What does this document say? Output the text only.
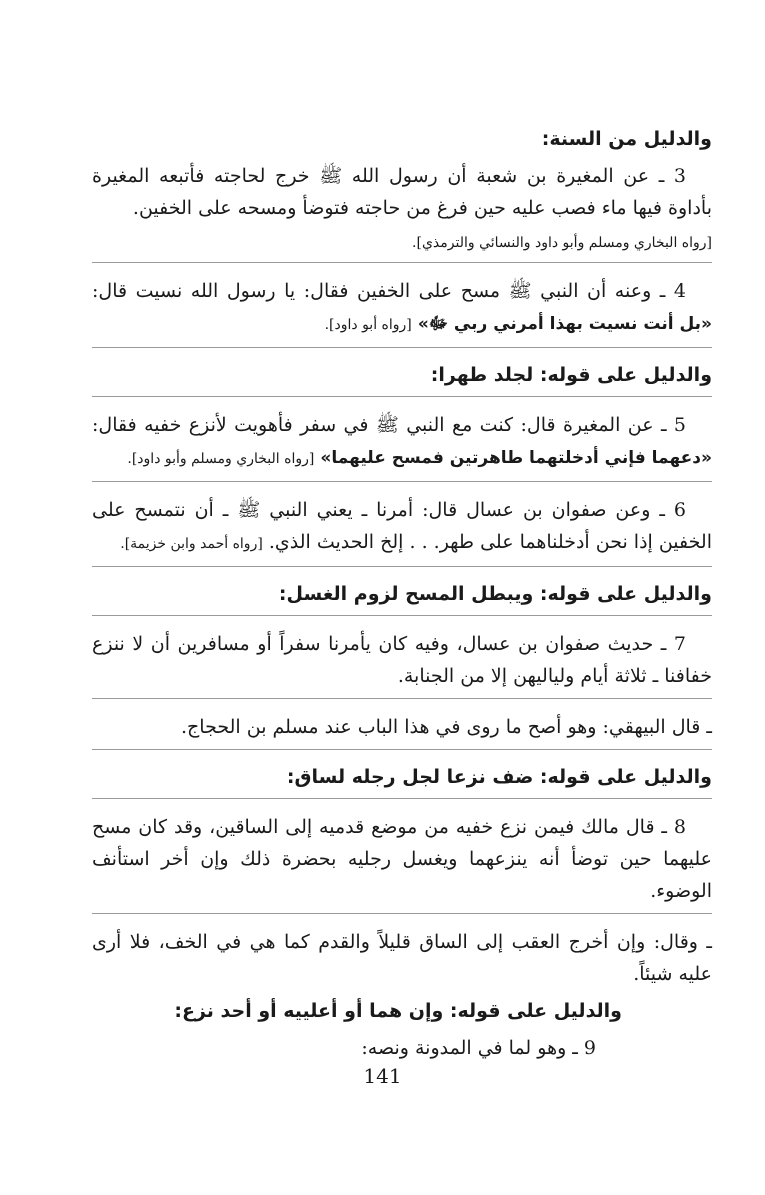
والدليل من السنة:

3 ـ عن المغيرة بن شعبة أن رسول الله ﷺ خرج لحاجته فأتبعه المغيرة بأداوة فيها ماء فصب عليه حين فرغ من حاجته فتوضأ ومسحه على الخفين.

[رواه البخاري ومسلم وأبو داود والنسائي والترمذي].

4 ـ وعنه أن النبي ﷺ مسح على الخفين فقال: يا رسول الله نسيت قال: «بل أنت نسيت بهذا أمرني ربي ﷻ» [رواه أبو داود].

والدليل على قوله: لجلد طهرا:

5 ـ عن المغيرة قال: كنت مع النبي ﷺ في سفر فأهويت لأنزع خفيه فقال: «دعهما فإني أدخلتهما طاهرتين فمسح عليهما» [رواه البخاري ومسلم وأبو داود].

6 ـ وعن صفوان بن عسال قال: أمرنا ـ يعني النبي ﷺ ـ أن نتمسح على الخفين إذا نحن أدخلناهما على طهر. . . إلخ الحديث الذي. [رواه أحمد وابن خزيمة].

والدليل على قوله: ويبطل المسح لزوم الغسل:

7 ـ حديث صفوان بن عسال، وفيه كان يأمرنا سفراً أو مسافرين أن لا ننزع خفافنا ـ ثلاثة أيام ولياليهن إلا من الجنابة.

ـ قال البيهقي: وهو أصح ما روى في هذا الباب عند مسلم بن الحجاج.

والدليل على قوله: ضف نزعا لجل رجله لساق:

8 ـ قال مالك فيمن نزع خفيه من موضع قدميه إلى الساقين، وقد كان مسح عليهما حين توضأ أنه ينزعهما ويغسل رجليه بحضرة ذلك وإن أخر استأنف الوضوء.

ـ وقال: وإن أخرج العقب إلى الساق قليلاً والقدم كما هي في الخف، فلا أرى عليه شيئاً.

والدليل على قوله: وإن هما أو أعلييه أو أحد نزع:

9 ـ وهو لما في المدونة ونصه:

141
